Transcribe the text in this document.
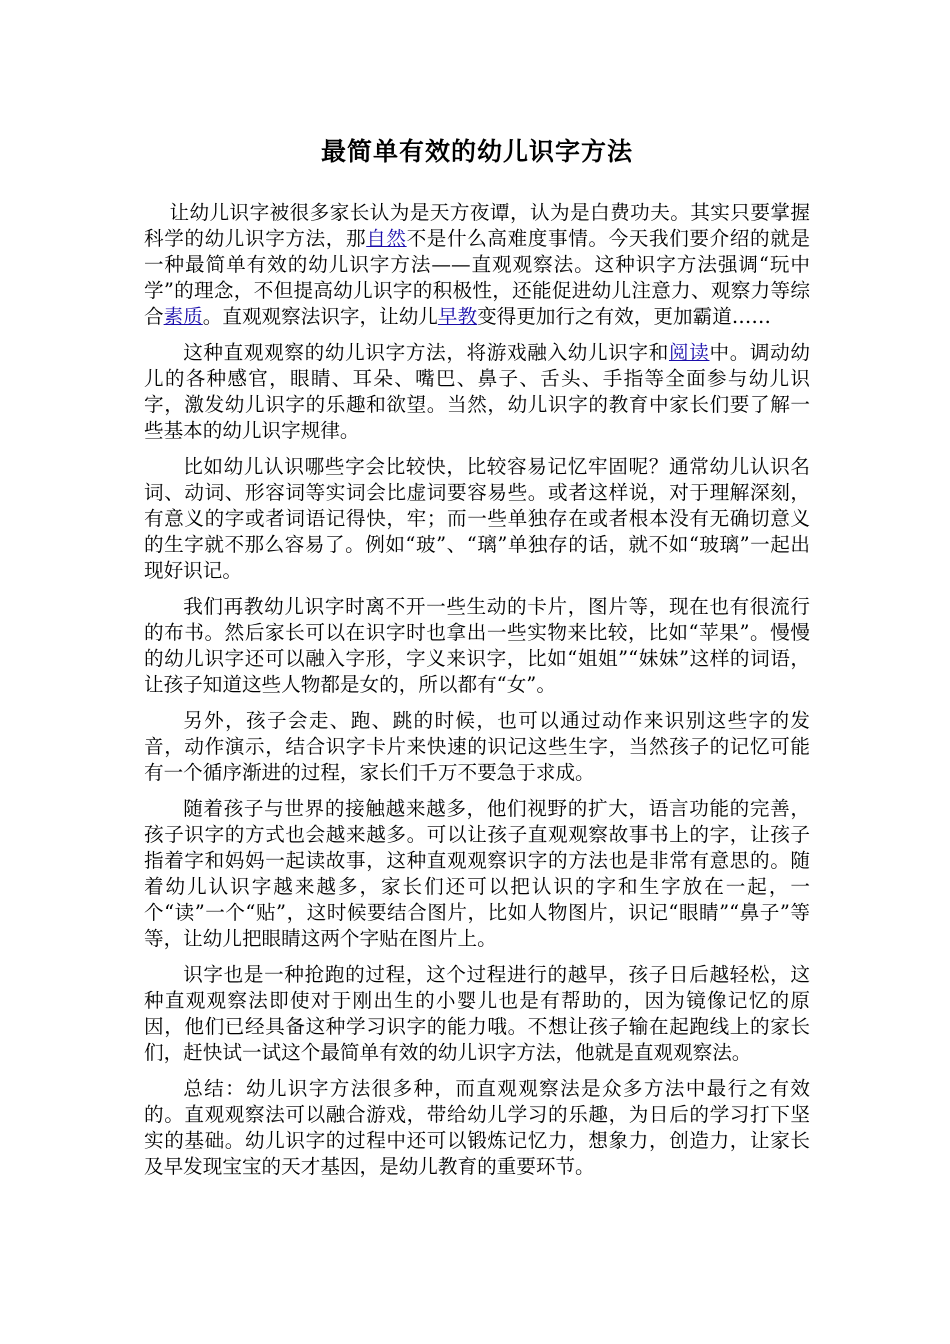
最简单有效的幼儿识字方法

让幼儿识字被很多家长认为是天方夜谭，认为是白费功夫。其实只要掌握科学的幼儿识字方法，那自然不是什么高难度事情。今天我们要介绍的就是一种最简单有效的幼儿识字方法——直观观察法。这种识字方法强调“玩中学”的理念，不但提高幼儿识字的积极性，还能促进幼儿注意力、观察力等综合素质。直观观察法识字，让幼儿早教变得更加行之有效，更加霸道……

这种直观观察的幼儿识字方法，将游戏融入幼儿识字和阅读中。调动幼儿的各种感官，眼睛、耳朵、嘴巴、鼻子、舌头、手指等全面参与幼儿识字，激发幼儿识字的乐趣和欲望。当然，幼儿识字的教育中家长们要了解一些基本的幼儿识字规律。

比如幼儿认识哪些字会比较快，比较容易记忆牢固呢？通常幼儿认识名词、动词、形容词等实词会比虚词要容易些。或者这样说，对于理解深刻，有意义的字或者词语记得快，牢；而一些单独存在或者根本没有无确切意义的生字就不那么容易了。例如“玻”、“璃”单独存的话，就不如“玻璃”一起出现好识记。

我们再教幼儿识字时离不开一些生动的卡片，图片等，现在也有很流行的布书。然后家长可以在识字时也拿出一些实物来比较，比如“苹果”。慢慢的幼儿识字还可以融入字形，字义来识字，比如“姐姐”“妹妹”这样的词语，让孩子知道这些人物都是女的，所以都有“女”。

另外，孩子会走、跑、跳的时候，也可以通过动作来识别这些字的发音，动作演示，结合识字卡片来快速的识记这些生字，当然孩子的记忆可能有一个循序渐进的过程，家长们千万不要急于求成。

随着孩子与世界的接触越来越多，他们视野的扩大，语言功能的完善，孩子识字的方式也会越来越多。可以让孩子直观观察故事书上的字，让孩子指着字和妈妈一起读故事，这种直观观察识字的方法也是非常有意思的。随着幼儿认识字越来越多，家长们还可以把认识的字和生字放在一起，一个“读”一个“贴”，这时候要结合图片，比如人物图片，识记“眼睛”“鼻子”等等，让幼儿把眼睛这两个字贴在图片上。

识字也是一种抢跑的过程，这个过程进行的越早，孩子日后越轻松，这种直观观察法即使对于刚出生的小婴儿也是有帮助的，因为镜像记忆的原因，他们已经具备这种学习识字的能力哦。不想让孩子输在起跑线上的家长们，赶快试一试这个最简单有效的幼儿识字方法，他就是直观观察法。

总结：幼儿识字方法很多种，而直观观察法是众多方法中最行之有效的。直观观察法可以融合游戏，带给幼儿学习的乐趣，为日后的学习打下坚实的基础。幼儿识字的过程中还可以锻炼记忆力，想象力，创造力，让家长及早发现宝宝的天才基因，是幼儿教育的重要环节。
